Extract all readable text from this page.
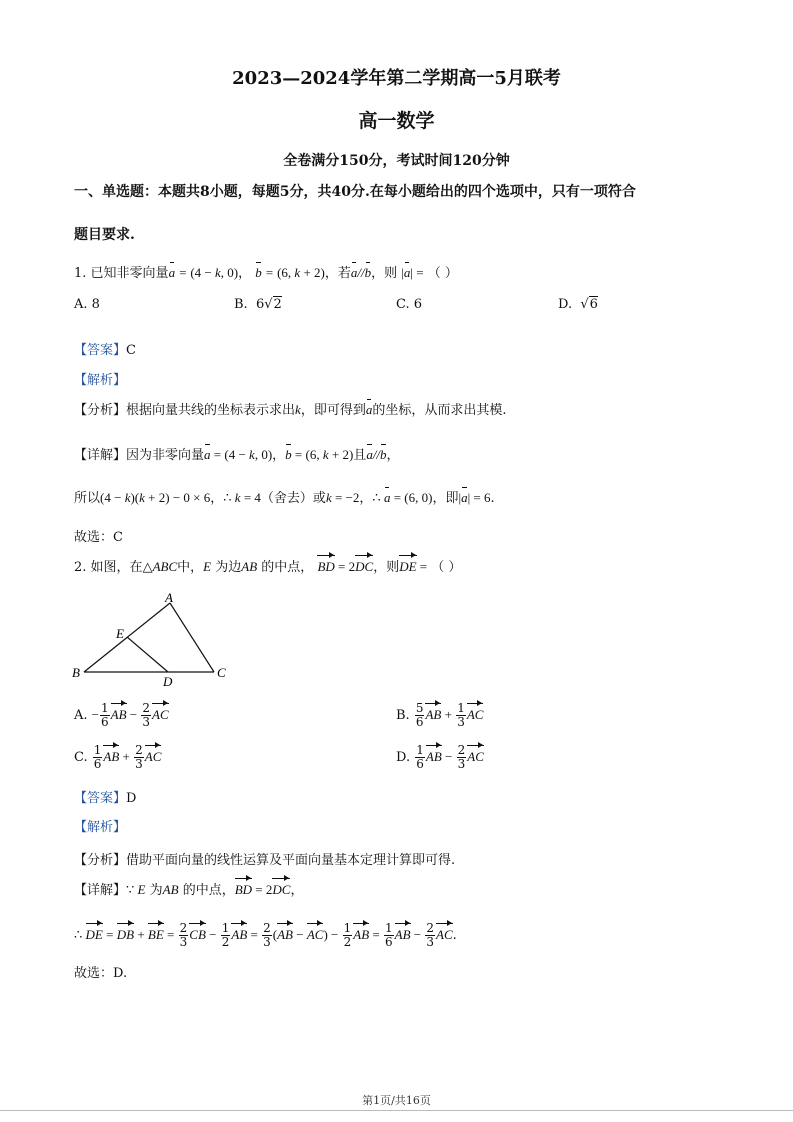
2023—2024学年第二学期高一5月联考
高一数学
全卷满分150分，考试时间120分钟
一、单选题：本题共8小题，每题5分，共40分.在每小题给出的四个选项中，只有一项符合
题目要求.
1. 已知非零向量a = (4 − k, 0)， b = (6, k + 2)，若a//b，则 |a| = （ ）
A. 8	B. 6√2	C. 6	D.  √6
【答案】C
【解析】
【分析】根据向量共线的坐标表示求出k，即可得到a的坐标，从而求出其模.
【详解】因为非零向量a = (4 − k, 0)，b = (6, k + 2)且a//b，
所以(4 − k)(k + 2) − 0 × 6，∴ k = 4（舍去）或k = −2，∴ a = (6, 0)，即|a| = 6.
故选：C
2. 如图，在△ABC中，E 为边AB 的中点， BD = 2DC，则DE = （ ）
A
B	C
D
E
A. − $\frac{1}{6}$ AB − $\frac{2}{3}$ AC	B. $\frac{5}{6}$ AB + $\frac{1}{3}$ AC
C. $\frac{1}{6}$ AB + $\frac{2}{3}$ AC	D. $\frac{1}{6}$ AB − $\frac{2}{3}$ AC
【答案】D
【解析】
【分析】借助平面向量的线性运算及平面向量基本定理计算即可得.
【详解】∵ E 为AB 的中点，BD = 2DC，
∴ DE = DB + BE = $\frac{2}{3}$ CB − $\frac{1}{2}$ AB = $\frac{2}{3} (AB - AC) - \frac{1}{2}$ AB = $\frac{1}{6}$ AB − $\frac{2}{3}$ AC.
故选：D.
第1页/共16页
